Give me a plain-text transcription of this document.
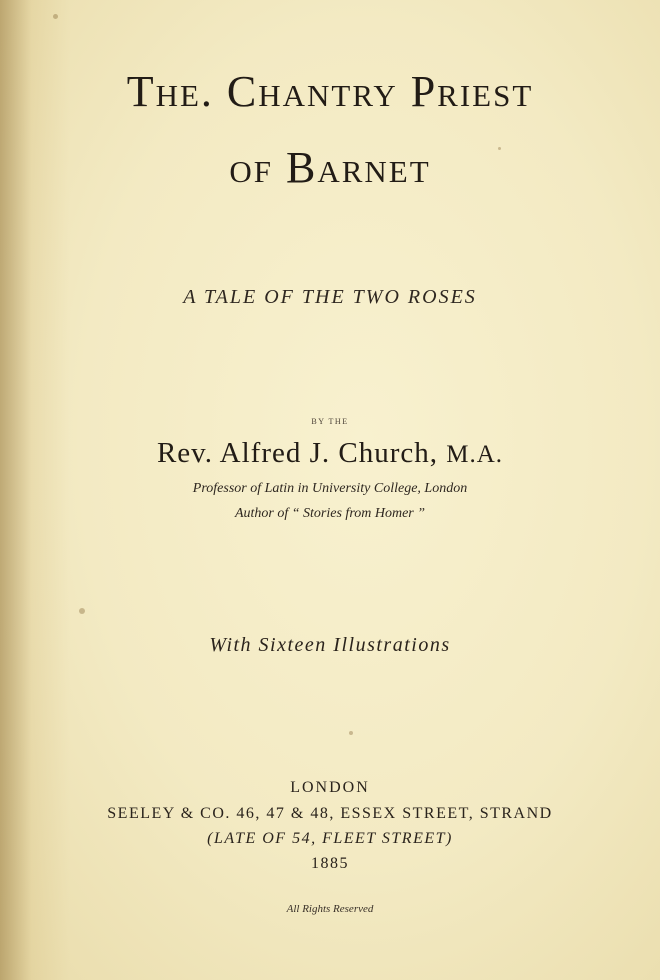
The. Chantry Priest
of Barnet
A TALE OF THE TWO ROSES
BY THE
Rev. Alfred J. Church, M.A.
Professor of Latin in University College, London
Author of “ Stories from Homer ”
With Sixteen Illustrations
LONDON
SEELEY & CO. 46, 47 & 48, ESSEX STREET, STRAND
(LATE OF 54, FLEET STREET)
1885
All Rights Reserved
